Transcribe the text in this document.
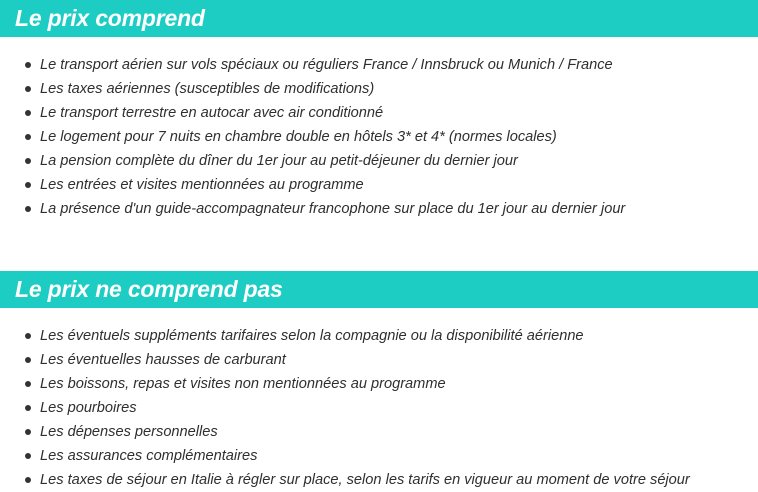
Le prix comprend
Le transport aérien sur vols spéciaux ou réguliers France / Innsbruck ou Munich / France
Les taxes aériennes (susceptibles de modifications)
Le transport terrestre en autocar avec air conditionné
Le logement pour 7 nuits en chambre double en hôtels 3* et 4* (normes locales)
La pension complète du dîner du 1er jour au petit-déjeuner du dernier jour
Les entrées et visites mentionnées au programme
La présence d'un guide-accompagnateur francophone sur place du 1er jour au dernier jour
Le prix ne comprend pas
Les éventuels suppléments tarifaires selon la compagnie ou la disponibilité aérienne
Les éventuelles hausses de carburant
Les boissons, repas et visites non mentionnées au programme
Les pourboires
Les dépenses personnelles
Les assurances complémentaires
Les taxes de séjour en Italie à régler sur place, selon les tarifs en vigueur au moment de votre séjour
